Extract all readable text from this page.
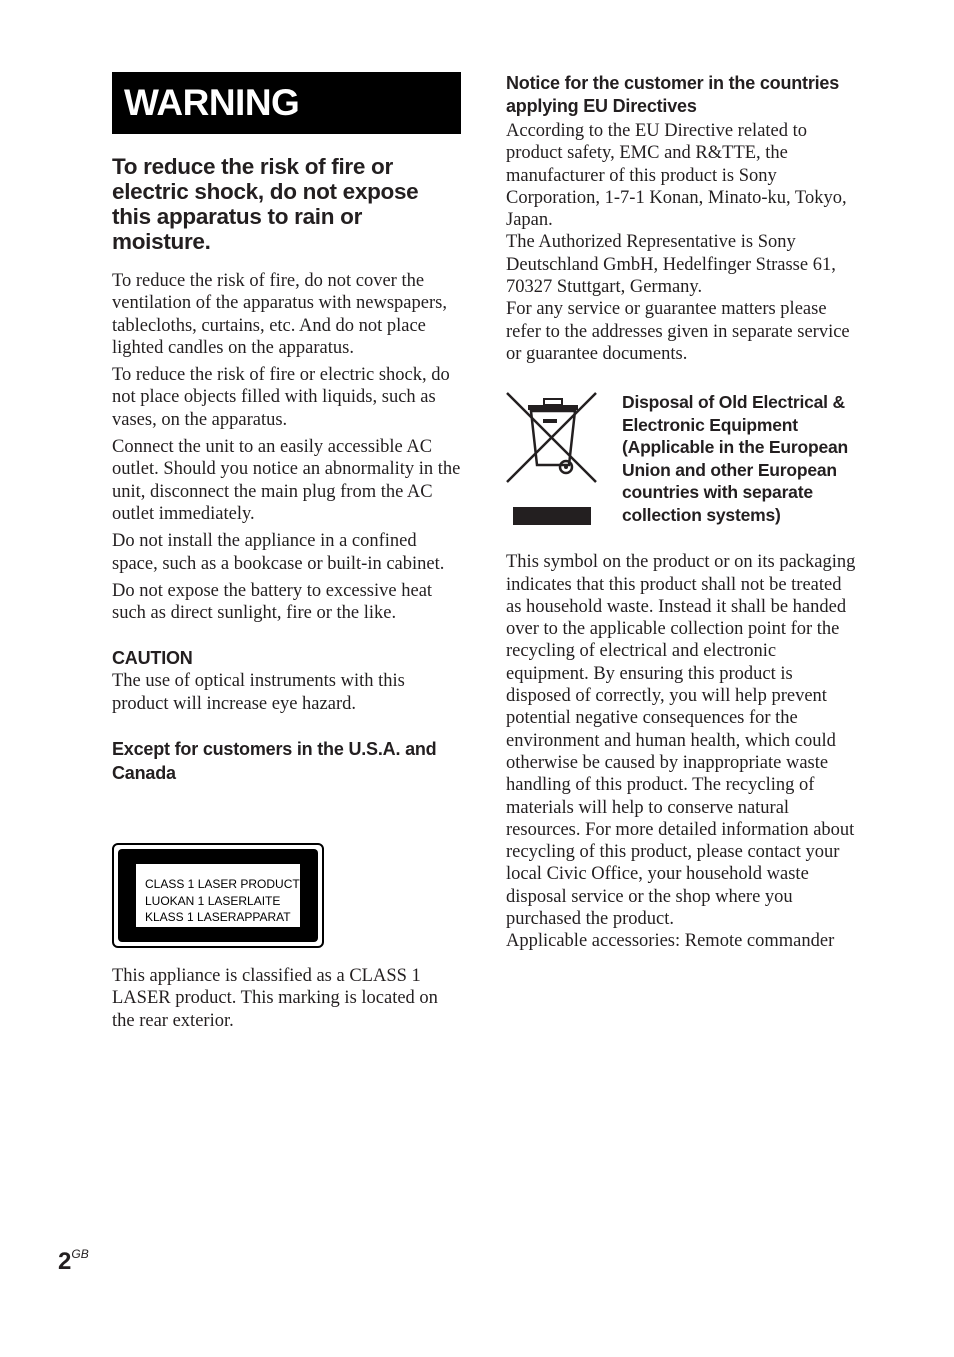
WARNING
To reduce the risk of fire or electric shock, do not expose this apparatus to rain or moisture.

To reduce the risk of fire, do not cover the ventilation of the apparatus with newspapers, tablecloths, curtains, etc. And do not place lighted candles on the apparatus.

To reduce the risk of fire or electric shock, do not place objects filled with liquids, such as vases, on the apparatus.

Connect the unit to an easily accessible AC outlet. Should you notice an abnormality in the unit, disconnect the main plug from the AC outlet immediately.

Do not install the appliance in a confined space, such as a bookcase or built-in cabinet.

Do not expose the battery to excessive heat such as direct sunlight, fire or the like.

CAUTION

The use of optical instruments with this product will increase eye hazard.

Except for customers in the U.S.A. and Canada
CLASS 1 LASER PRODUCT
LUOKAN 1 LASERLAITE
KLASS 1 LASERAPPARAT

This appliance is classified as a CLASS 1 LASER product. This marking is located on the rear exterior.

Notice for the customer in the countries applying EU Directives

According to the EU Directive related to product safety, EMC and R&TTE, the manufacturer of this product is Sony Corporation, 1-7-1 Konan, Minato-ku, Tokyo, Japan.

The Authorized Representative is Sony Deutschland GmbH, Hedelfinger Strasse 61, 70327 Stuttgart, Germany.

For any service or guarantee matters please refer to the addresses given in separate service or guarantee documents.

Disposal of Old Electrical & Electronic Equipment (Applicable in the European Union and other European countries with separate collection systems)

This symbol on the product or on its packaging indicates that this product shall not be treated as household waste. Instead it shall be handed over to the applicable collection point for the recycling of electrical and electronic equipment. By ensuring this product is disposed of correctly, you will help prevent potential negative consequences for the environment and human health, which could otherwise be caused by inappropriate waste handling of this product. The recycling of materials will help to conserve natural resources. For more detailed information about recycling of this product, please contact your local Civic Office, your household waste disposal service or the shop where you purchased the product.

Applicable accessories: Remote commander

$2^{GB}$
